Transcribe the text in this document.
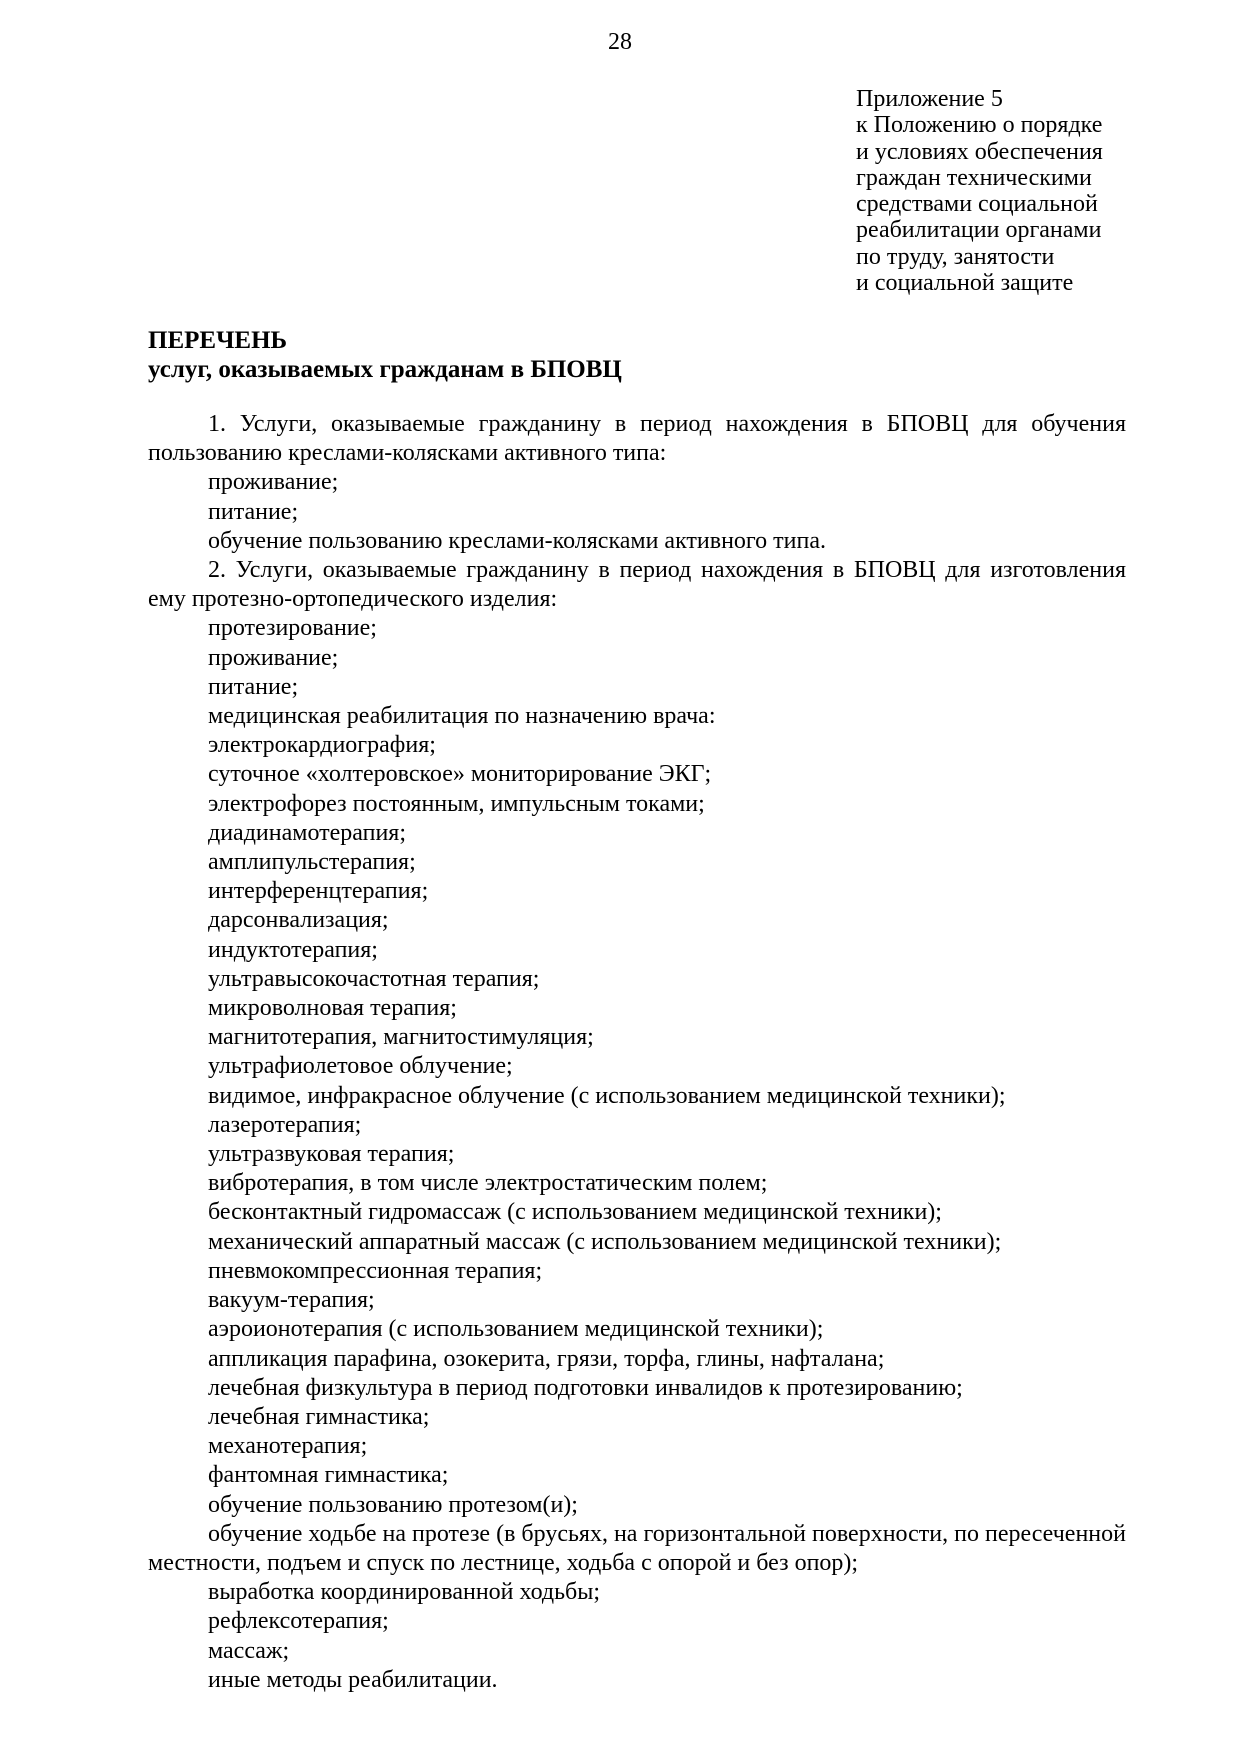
28
Приложение 5
к Положению о порядке
и условиях обеспечения
граждан техническими
средствами социальной
реабилитации органами
по труду, занятости
и социальной защите
ПЕРЕЧЕНЬ
услуг, оказываемых гражданам в БПОВЦ

1. Услуги, оказываемые гражданину в период нахождения в БПОВЦ для обучения пользованию креслами-колясками активного типа:

проживание;

питание;

обучение пользованию креслами-колясками активного типа.

2. Услуги, оказываемые гражданину в период нахождения в БПОВЦ для изготовления ему протезно-ортопедического изделия:

протезирование;

проживание;

питание;

медицинская реабилитация по назначению врача:

электрокардиография;

суточное «холтеровское» мониторирование ЭКГ;

электрофорез постоянным, импульсным токами;

диадинамотерапия;

амплипульстерапия;

интерференцтерапия;

дарсонвализация;

индуктотерапия;

ультравысокочастотная терапия;

микроволновая терапия;

магнитотерапия, магнитостимуляция;

ультрафиолетовое облучение;

видимое, инфракрасное облучение (с использованием медицинской техники);

лазеротерапия;

ультразвуковая терапия;

вибротерапия, в том числе электростатическим полем;

бесконтактный гидромассаж (с использованием медицинской техники);

механический аппаратный массаж (с использованием медицинской техники);

пневмокомпрессионная терапия;

вакуум-терапия;

аэроионотерапия (с использованием медицинской техники);

аппликация парафина, озокерита, грязи, торфа, глины, нафталана;

лечебная физкультура в период подготовки инвалидов к протезированию;

лечебная гимнастика;

механотерапия;

фантомная гимнастика;

обучение пользованию протезом(и);

обучение ходьбе на протезе (в брусьях, на горизонтальной поверхности, по пересеченной местности, подъем и спуск по лестнице, ходьба с опорой и без опор);

выработка координированной ходьбы;

рефлексотерапия;

массаж;

иные методы реабилитации.
